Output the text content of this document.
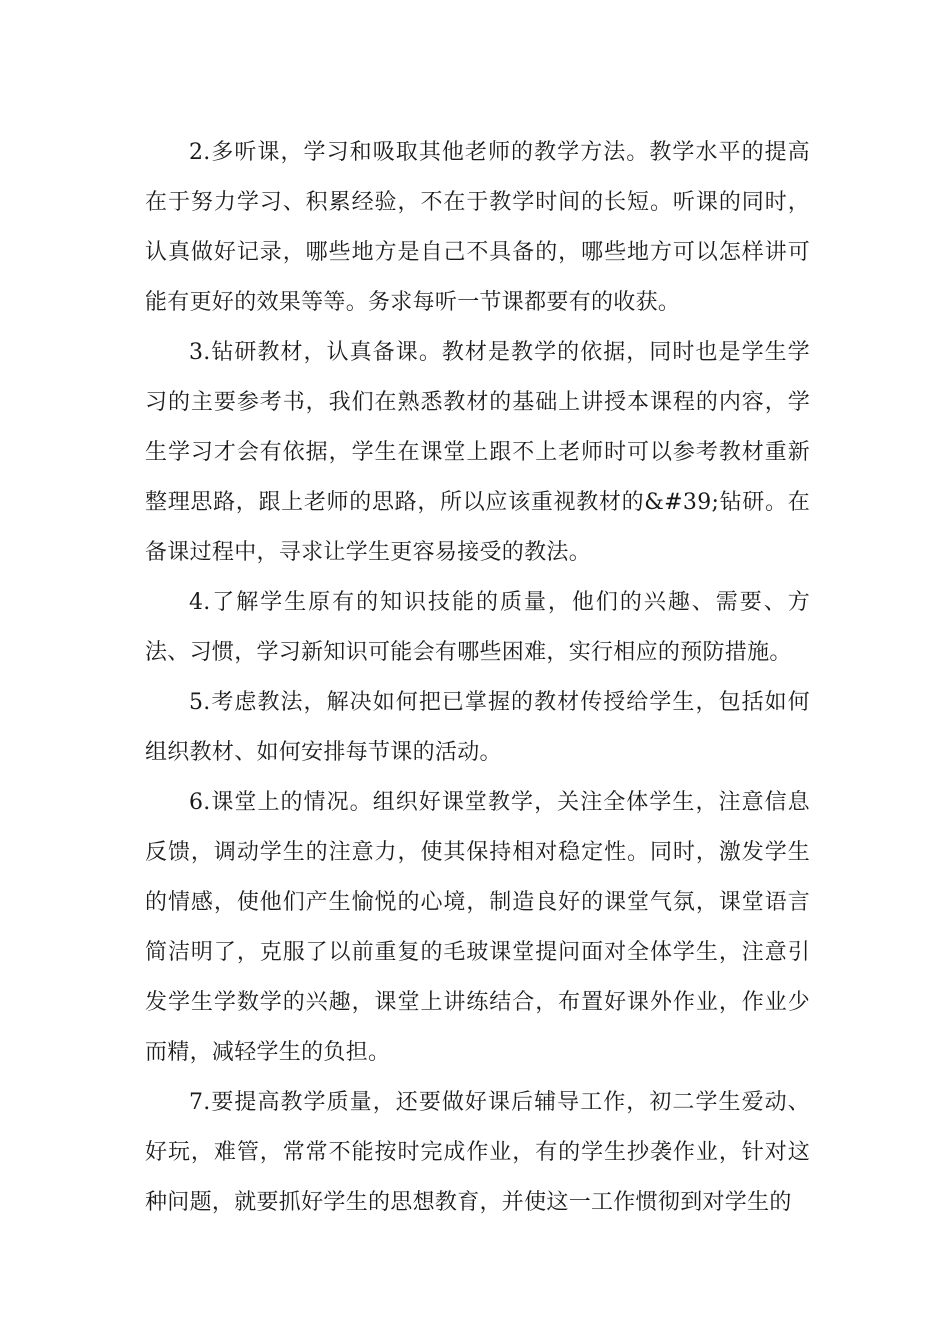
2.多听课，学习和吸取其他老师的教学方法。教学水平的提高在于努力学习、积累经验，不在于教学时间的长短。听课的同时，认真做好记录，哪些地方是自己不具备的，哪些地方可以怎样讲可能有更好的效果等等。务求每听一节课都要有的收获。

3.钻研教材，认真备课。教材是教学的依据，同时也是学生学习的主要参考书，我们在熟悉教材的基础上讲授本课程的内容，学生学习才会有依据，学生在课堂上跟不上老师时可以参考教材重新整理思路，跟上老师的思路，所以应该重视教材的&#39;钻研。在备课过程中，寻求让学生更容易接受的教法。

4.了解学生原有的知识技能的质量，他们的兴趣、需要、方法、习惯，学习新知识可能会有哪些困难，实行相应的预防措施。

5.考虑教法，解决如何把已掌握的教材传授给学生，包括如何组织教材、如何安排每节课的活动。

6.课堂上的情况。组织好课堂教学，关注全体学生，注意信息反馈，调动学生的注意力，使其保持相对稳定性。同时，激发学生的情感，使他们产生愉悦的心境，制造良好的课堂气氛，课堂语言简洁明了，克服了以前重复的毛玻课堂提问面对全体学生，注意引发学生学数学的兴趣，课堂上讲练结合，布置好课外作业，作业少而精，减轻学生的负担。

7.要提高教学质量，还要做好课后辅导工作，初二学生爱动、好玩，难管，常常不能按时完成作业，有的学生抄袭作业，针对这种问题，就要抓好学生的思想教育，并使这一工作惯彻到对学生的
